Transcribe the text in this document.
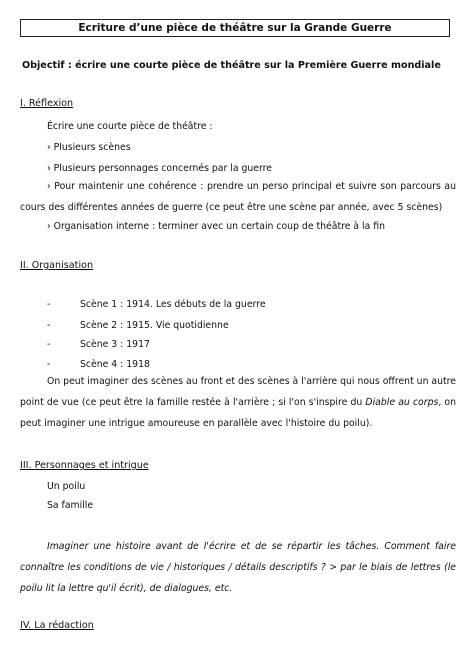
Ecriture d’une pièce de théâtre sur la Grande Guerre
Objectif : écrire une courte pièce de théâtre sur la Première Guerre mondiale
I. Réflexion
Écrire une courte pièce de théâtre :
› Plusieurs scènes
› Plusieurs personnages concernés par la guerre

› Pour maintenir une cohérence : prendre un perso principal et suivre son parcours au cours des différentes années de guerre (ce peut être une scène par année, avec 5 scènes)

› Organisation interne : terminer avec un certain coup de théâtre à la fin
II. Organisation
-	Scène 1 : 1914. Les débuts de la guerre
-	Scène 2 : 1915. Vie quotidienne
-	Scène 3 : 1917
-	Scène 4 : 1918

On peut imaginer des scènes au front et des scènes à l'arrière qui nous offrent un autre point de vue (ce peut être la famille restée à l'arrière ; si l'on s'inspire du Diable au corps, on peut imaginer une intrigue amoureuse en parallèle avec l'histoire du poilu).

III. Personnages et intrigue
Un poilu
Sa famille

Imaginer une histoire avant de l'écrire et de se répartir les tâches. Comment faire connaître les conditions de vie / historiques / détails descriptifs ? > par le biais de lettres (le poilu lit la lettre qu'il écrit), de dialogues, etc.

IV. La rédaction
